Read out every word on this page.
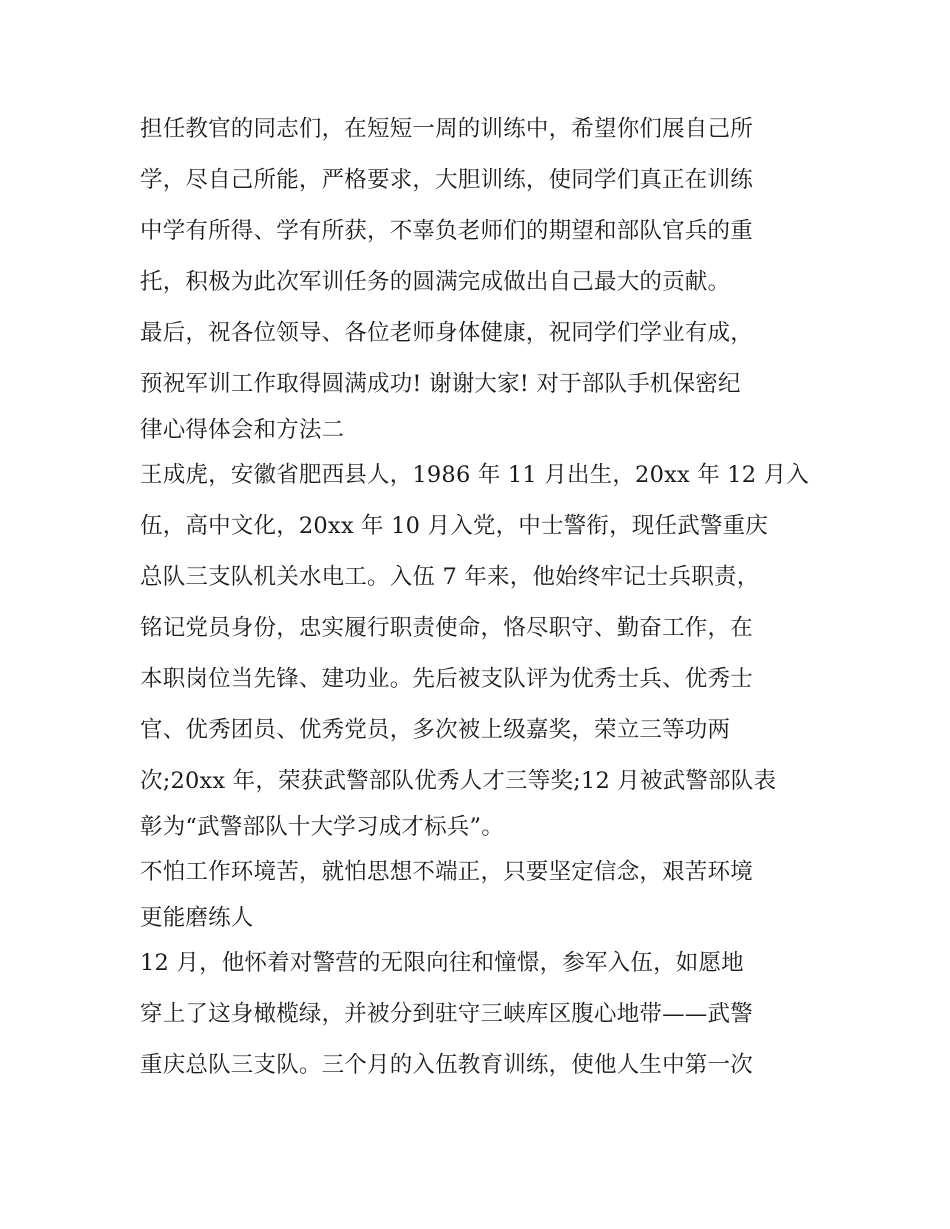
担任教官的同志们，在短短一周的训练中，希望你们展自己所
学，尽自己所能，严格要求，大胆训练，使同学们真正在训练
中学有所得、学有所获，不辜负老师们的期望和部队官兵的重
托，积极为此次军训任务的圆满完成做出自己最大的贡献。
最后，祝各位领导、各位老师身体健康，祝同学们学业有成，
预祝军训工作取得圆满成功! 谢谢大家! 对于部队手机保密纪
律心得体会和方法二
王成虎，安徽省肥西县人，1986 年 11 月出生，20xx 年 12 月入
伍，高中文化，20xx 年 10 月入党，中士警衔，现任武警重庆
总队三支队机关水电工。入伍 7 年来，他始终牢记士兵职责，
铭记党员身份，忠实履行职责使命，恪尽职守、勤奋工作，在
本职岗位当先锋、建功业。先后被支队评为优秀士兵、优秀士
官、优秀团员、优秀党员，多次被上级嘉奖，荣立三等功两
次;20xx 年，荣获武警部队优秀人才三等奖;12 月被武警部队表
彰为“武警部队十大学习成才标兵”。
不怕工作环境苦，就怕思想不端正，只要坚定信念，艰苦环境
更能磨练人
12 月，他怀着对警营的无限向往和憧憬，参军入伍，如愿地
穿上了这身橄榄绿，并被分到驻守三峡库区腹心地带——武警
重庆总队三支队。三个月的入伍教育训练，使他人生中第一次
